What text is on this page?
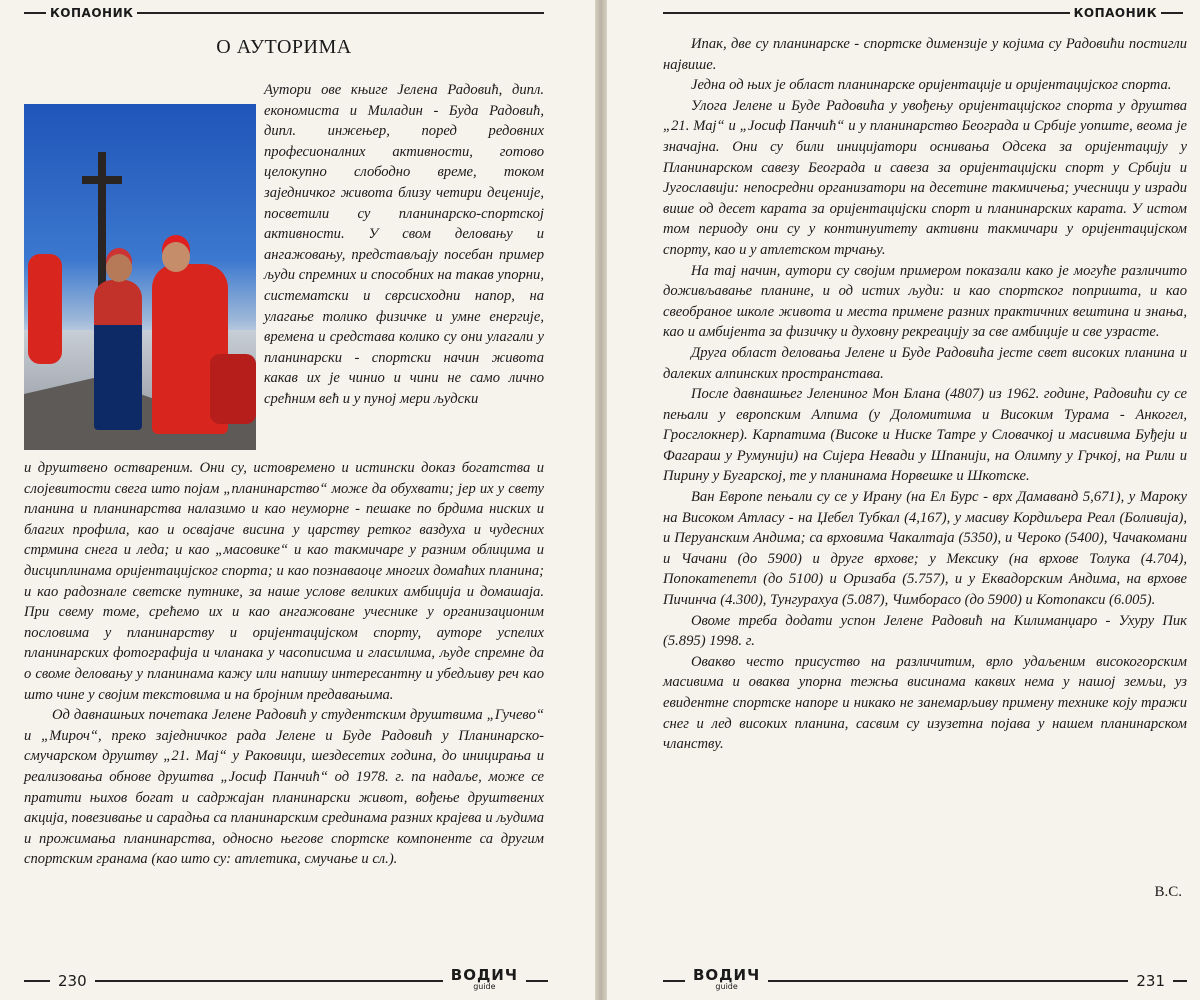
КОПАОНИК
О АУТОРИМА

Аутори ове књиге Јелена Радовић, дипл. економиста и Миладин - Буда Радовић, дипл. инжењер, поред редовних професионалних активности, готово целокупно слободно време, током заједничког живота близу четири деценије, посветили су планинарско-спортској активности. У свом деловању и ангажовању, представљају посебан пример људи спремних и способних на такав упорни, систематски и сврсисходни напор, на улагање толико физичке и умне енергије, времена и средстава колико су они улагали у планинарски - спортски начин живота какав их је чинио и чини не само лично срећним већ и у пуној мери људски

и друштвено оствареним. Они су, истовремено и истински доказ богатства и слојевитости свега што појам „планинарство“ може да обухвати; јер их у свету планина и планинарства налазимо и као неуморне - пешаке по брдима ниских и благих профила, као и освајаче висина у царству ретког ваздуха и чудесних стрмина снега и леда; и као „масовике“ и као такмичаре у разним облицима и дисциплинама оријентацијског спорта; и као познаваоце многих домаћих планина; и као радознале светске путнике, за наше услове великих амбиција и домашаја. При свему томе, срећемо их и као ангажоване учеснике у организационим пословима у планинарству и оријентацијском спорту, ауторе успелих планинарских фотографија и чланака у часописима и гласилима, људе спремне да о своме деловању у планинама кажу или напишу интересантну и убедљиву реч као што чине у својим текстовима и на бројним предавањима.

Од давнашњих почетака Јелене Радовић у студентским друштвима „Гучево“ и „Мироч“, преко заједничког рада Јелене и Буде Радовић у Планинарско-смучарском друштву „21. Мај“ у Раковици, шездесетих година, до иницирања и реализовања обнове друштва „Јосиф Панчић“ од 1978. г. па надаље, може се пратити њихов богат и садржајан планинарски живот, вођење друштвених акција, повезивање и сарадња са планинарским срединама разних крајева и људима и прожимања планинарства, односно његове спортске компоненте са другим спортским гранама (као што су: атлетика, смучање и сл.).

230	ВОДИЧ
guide
КОПАОНИК

Ипак, две су планинарске - спортске димензије у којима су Радовићи постигли највише.

Једна од њих је област планинарске оријентације и оријентацијског спорта.

Улога Јелене и Буде Радовића у увођењу оријентацијског спорта у друштва „21. Мај“ и „Јосиф Панчић“ и у планинарство Београда и Србије уопште, веома је значајна. Они су били иницијатори оснивања Одсека за оријентацију у Планинарском савезу Београда и савеза за оријентацијски спорт у Србији и Југославији: непосредни организатори на десетине такмичења; учесници у изради више од десет карата за оријентацијски спорт и планинарских карата. У истом том периоду они су у континуитету активни такмичари у оријентацијском спорту, као и у атлетском трчању.

На тај начин, аутори су својим примером показали како је могуће различито доживљавање планине, и од истих људи: и као спортског попришта, и као свеобраное школе живота и места примене разних практичних вештина и знања, као и амбијента за физичку и духовну рекреацију за све амбиције и све узрасте.

Друга област деловања Јелене и Буде Радовића јесте свет високих планина и далеких алпинских пространстава.

После давнашњег Јелениног Мон Блана (4807) из 1962. године, Радовићи су се пењали у европским Алпима (у Доломитима и Високим Турама - Анкогел, Гросглокнер). Карпатима (Високе и Ниске Татре у Словачкој и масивима Буђеји и Фагараш у Румунији) на Сијера Невади у Шпанији, на Олимпу у Грчкој, на Рили и Пирину у Бугарској, те у планинама Норвешке и Шкотске.

Ван Европе пењали су се у Ирану (на Ел Бурс - врх Дамаванд 5,671), у Мароку на Високом Атласу - на Џебел Тубкал (4,167), у масиву Кордиљера Реал (Боливија), и Перуанским Андима; са врховима Чакалтаја (5350), и Чероко (5400), Чачакомани и Чачани (до 5900) и друге врхове; у Мексику (на врхове Толука (4.704), Попокатепетл (до 5100) и Оризаба (5.757), и у Еквадорским Андима, на врхове Пичинча (4.300), Тунгурахуа (5.087), Чимборасо (до 5900) и Котопакси (6.005).

Овоме треба додати успон Јелене Радовић на Килиманџаро - Ухуру Пик (5.895) 1998. г.

Овакво често присуство на различитим, врло удаљеним високогорским масивима и оваква упорна тежња висинама каквих нема у нашој земљи, уз евидентне спортске напоре и никако не занемарљиву примену технике коју тражи снег и лед високих планина, сасвим су изузетна појава у нашем планинарском чланству.

В.С.
ВОДИЧ
guide	231
